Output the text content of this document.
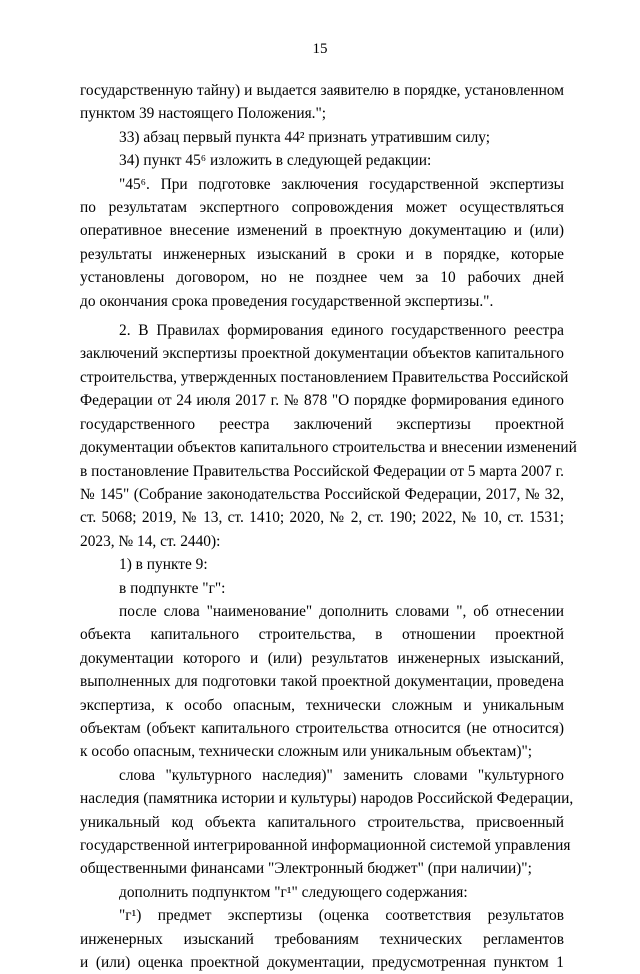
15
государственную тайну) и выдается заявителю в порядке, установленном
пунктом 39 настоящего Положения.";
33) абзац первый пункта 44² признать утратившим силу;
34) пункт 45⁶ изложить в следующей редакции:
"45⁶. При подготовке заключения государственной экспертизы
по результатам экспертного сопровождения может осуществляться
оперативное внесение изменений в проектную документацию и (или)
результаты инженерных изысканий в сроки и в порядке, которые
установлены договором, но не позднее чем за 10 рабочих дней
до окончания срока проведения государственной экспертизы.".
2. В Правилах формирования единого государственного реестра
заключений экспертизы проектной документации объектов капитального
строительства, утвержденных постановлением Правительства Российской
Федерации от 24 июля 2017 г. № 878 "О порядке формирования единого
государственного реестра заключений экспертизы проектной
документации объектов капитального строительства и внесении изменений
в постановление Правительства Российской Федерации от 5 марта 2007 г.
№ 145" (Собрание законодательства Российской Федерации, 2017, № 32,
ст. 5068; 2019, № 13, ст. 1410; 2020, № 2, ст. 190; 2022, № 10, ст. 1531;
2023, № 14, ст. 2440):
1) в пункте 9:
в подпункте "г":
после слова "наименование" дополнить словами ", об отнесении
объекта капитального строительства, в отношении проектной
документации которого и (или) результатов инженерных изысканий,
выполненных для подготовки такой проектной документации, проведена
экспертиза, к особо опасным, технически сложным и уникальным
объектам (объект капитального строительства относится (не относится)
к особо опасным, технически сложным или уникальным объектам)";
слова "культурного наследия)" заменить словами "культурного
наследия (памятника истории и культуры) народов Российской Федерации,
уникальный код объекта капитального строительства, присвоенный
государственной интегрированной информационной системой управления
общественными финансами "Электронный бюджет" (при наличии)";
дополнить подпунктом "г¹" следующего содержания:
"г¹) предмет экспертизы (оценка соответствия результатов
инженерных изысканий требованиям технических регламентов
и (или) оценка проектной документации, предусмотренная пунктом 1
